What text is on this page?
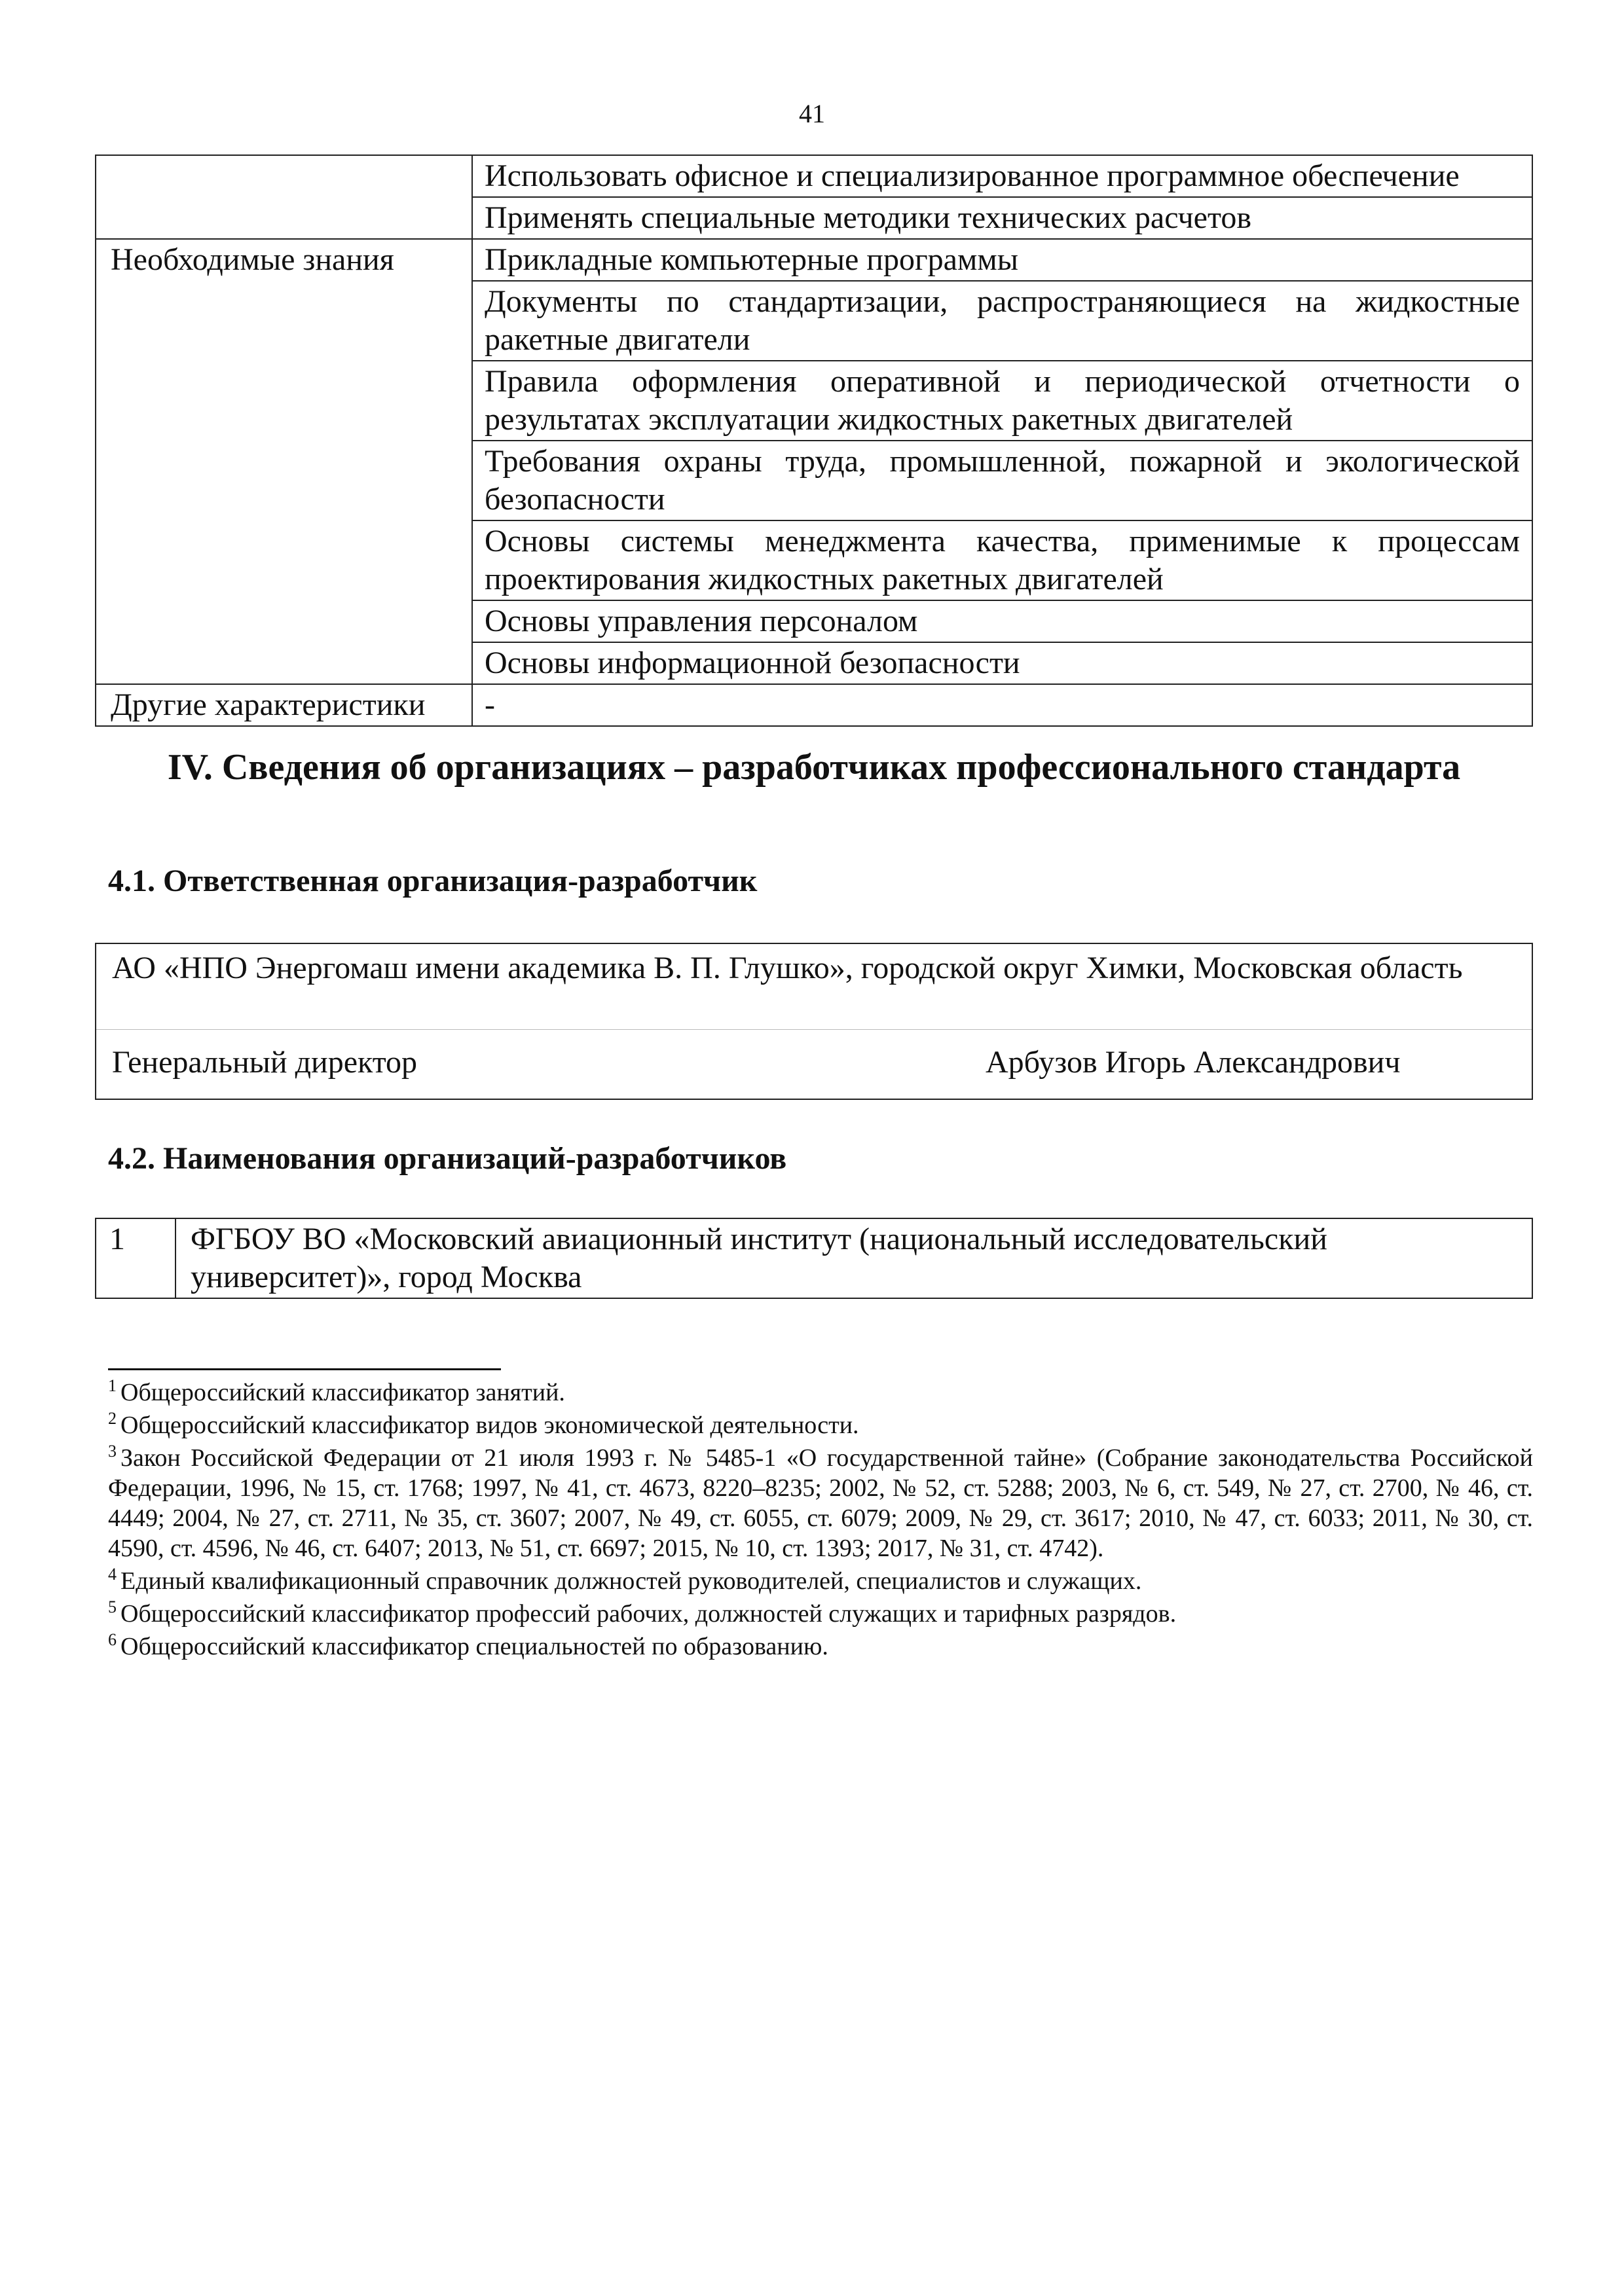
41
	Использовать офисное и специализированное программное обеспечение
	Применять специальные методики технических расчетов
Необходимые знания	Прикладные компьютерные программы
	Документы по стандартизации, распространяющиеся на жидкостные ракетные двигатели
	Правила оформления оперативной и периодической отчетности о результатах эксплуатации жидкостных ракетных двигателей
	Требования охраны труда, промышленной, пожарной и экологической безопасности
	Основы системы менеджмента качества, применимые к процессам проектирования жидкостных ракетных двигателей
	Основы управления персоналом
	Основы информационной безопасности
Другие характеристики	-
IV. Сведения об организациях – разработчиках профессионального стандарта
4.1. Ответственная организация-разработчик
АО «НПО Энергомаш имени академика В. П. Глушко», городской округ Химки, Московская область
Генеральный директор	Арбузов Игорь Александрович
4.2. Наименования организаций-разработчиков
1	ФГБОУ ВО «Московский авиационный институт (национальный исследовательский университет)», город Москва

$^1$ Общероссийский классификатор занятий.

$^2$ Общероссийский классификатор видов экономической деятельности.

$^3$ Закон Российской Федерации от 21 июля 1993 г. № 5485-1 «О государственной тайне» (Собрание законодательства Российской Федерации, 1996, № 15, ст. 1768; 1997, № 41, ст. 4673, 8220–8235; 2002, № 52, ст. 5288; 2003, № 6, ст. 549, № 27, ст. 2700, № 46, ст. 4449; 2004, № 27, ст. 2711, № 35, ст. 3607; 2007, № 49, ст. 6055, ст. 6079; 2009, № 29, ст. 3617; 2010, № 47, ст. 6033; 2011, № 30, ст. 4590, ст. 4596, № 46, ст. 6407; 2013, № 51, ст. 6697; 2015, № 10, ст. 1393; 2017, № 31, ст. 4742).

$^4$ Единый квалификационный справочник должностей руководителей, специалистов и служащих.

$^5$ Общероссийский классификатор профессий рабочих, должностей служащих и тарифных разрядов.

$^6$ Общероссийский классификатор специальностей по образованию.
